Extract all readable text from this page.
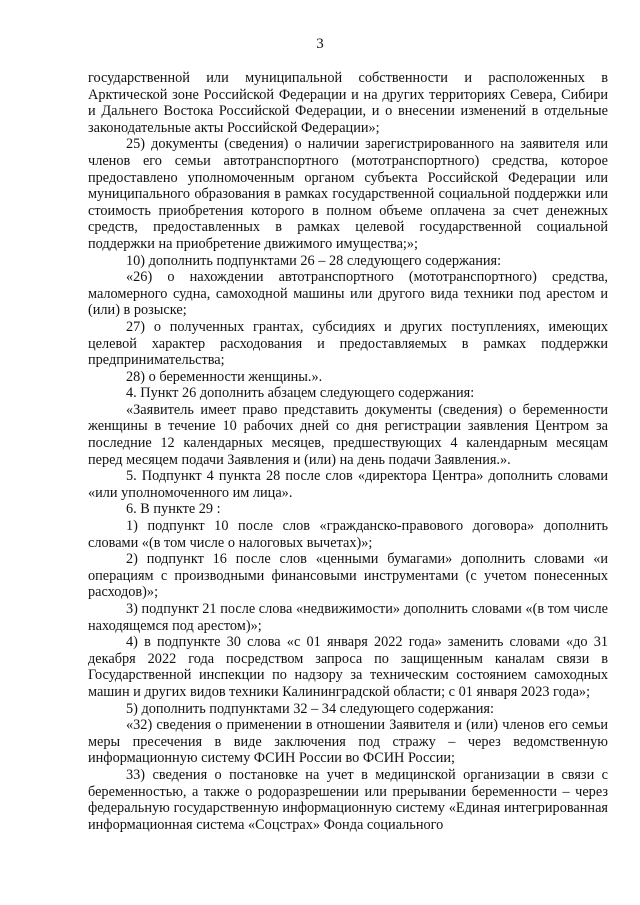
3

государственной или муниципальной собственности и расположенных в Арктической зоне Российской Федерации и на других территориях Севера, Сибири и Дальнего Востока Российской Федерации, и о внесении изменений в отдельные законодательные акты Российской Федерации»;

25) документы (сведения) о наличии зарегистрированного на заявителя или членов его семьи автотранспортного (мототранспортного) средства, которое предоставлено уполномоченным органом субъекта Российской Федерации или муниципального образования в рамках государственной социальной поддержки или стоимость приобретения которого в полном объеме оплачена за счет денежных средств, предоставленных в рамках целевой государственной социальной поддержки на приобретение движимого имущества;»;

10) дополнить подпунктами 26 – 28 следующего содержания:

«26) о нахождении автотранспортного (мототранспортного) средства, маломерного судна, самоходной машины или другого вида техники под арестом и (или) в розыске;

27) о полученных грантах, субсидиях и других поступлениях, имеющих целевой характер расходования и предоставляемых в рамках поддержки предпринимательства;

28) о беременности женщины.».

4. Пункт 26 дополнить абзацем следующего содержания:

«Заявитель имеет право представить документы (сведения) о беременности женщины в течение 10 рабочих дней со дня регистрации заявления Центром за последние 12 календарных месяцев, предшествующих 4 календарным месяцам перед месяцем подачи Заявления и (или) на день подачи Заявления.».

5. Подпункт 4 пункта 28 после слов «директора Центра» дополнить словами «или уполномоченного им лица».

6. В пункте 29 :

1) подпункт 10 после слов «гражданско-правового договора» дополнить словами «(в том числе о налоговых вычетах)»;

2) подпункт 16 после слов «ценными бумагами» дополнить словами «и операциям с производными финансовыми инструментами (с учетом понесенных расходов)»;

3) подпункт 21 после слова «недвижимости» дополнить словами «(в том числе находящемся под арестом)»;

4) в подпункте 30 слова «с 01 января 2022 года» заменить словами «до 31 декабря 2022 года посредством запроса по защищенным каналам связи в Государственной инспекции по надзору за техническим состоянием самоходных машин и других видов техники Калининградской области; с 01 января 2023 года»;

5) дополнить подпунктами 32 – 34 следующего содержания:

«32) сведения о применении в отношении Заявителя и (или) членов его семьи меры пресечения в виде заключения под стражу – через ведомственную информационную систему ФСИН России во ФСИН России;

33) сведения о постановке на учет в медицинской организации в связи с беременностью, а также о родоразрешении или прерывании беременности – через федеральную государственную информационную систему «Единая интегрированная информационная система «Соцстрах» Фонда социального
